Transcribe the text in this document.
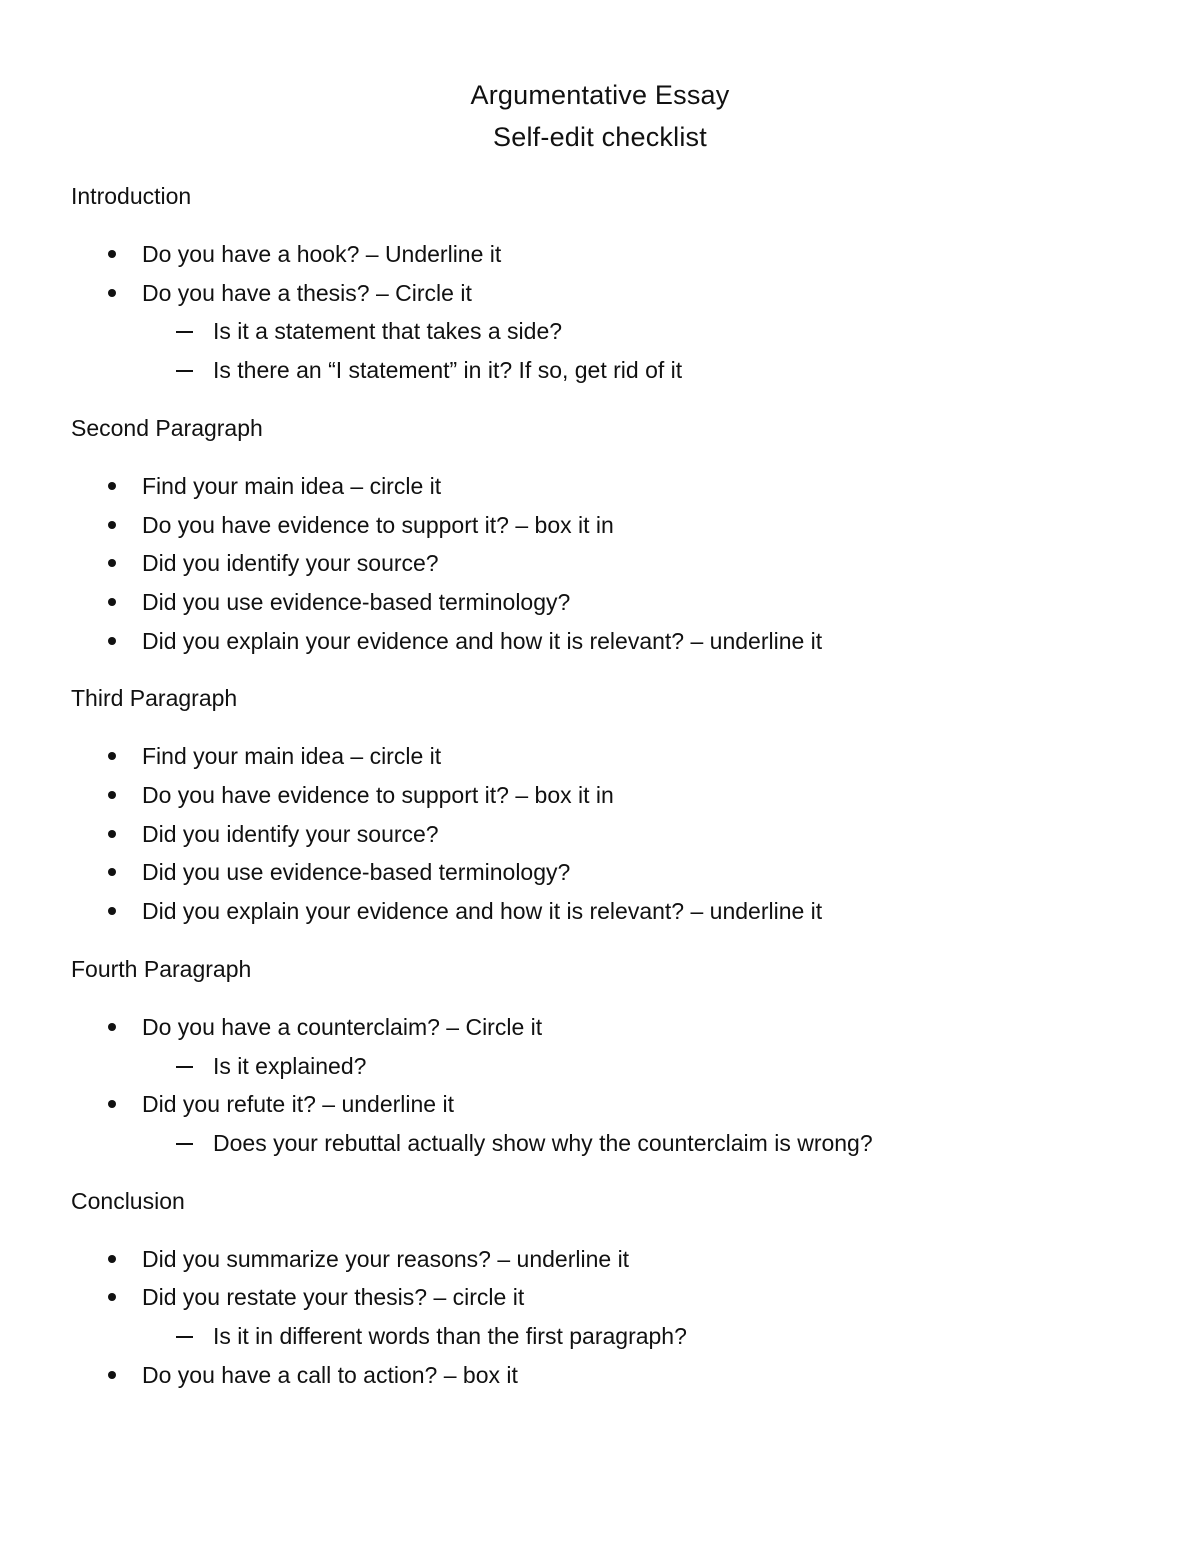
Argumentative Essay
Self-edit checklist
Introduction
Do you have a hook? – Underline it
Do you have a thesis? – Circle it
Is it a statement that takes a side?
Is there an “I statement” in it? If so, get rid of it
Second Paragraph
Find your main idea – circle it
Do you have evidence to support it? – box it in
Did you identify your source?
Did you use evidence-based terminology?
Did you explain your evidence and how it is relevant? – underline it
Third Paragraph
Find your main idea – circle it
Do you have evidence to support it? – box it in
Did you identify your source?
Did you use evidence-based terminology?
Did you explain your evidence and how it is relevant? – underline it
Fourth Paragraph
Do you have a counterclaim? – Circle it
Is it explained?
Did you refute it? – underline it
Does your rebuttal actually show why the counterclaim is wrong?
Conclusion
Did you summarize your reasons? – underline it
Did you restate your thesis? – circle it
Is it in different words than the first paragraph?
Do you have a call to action? – box it
